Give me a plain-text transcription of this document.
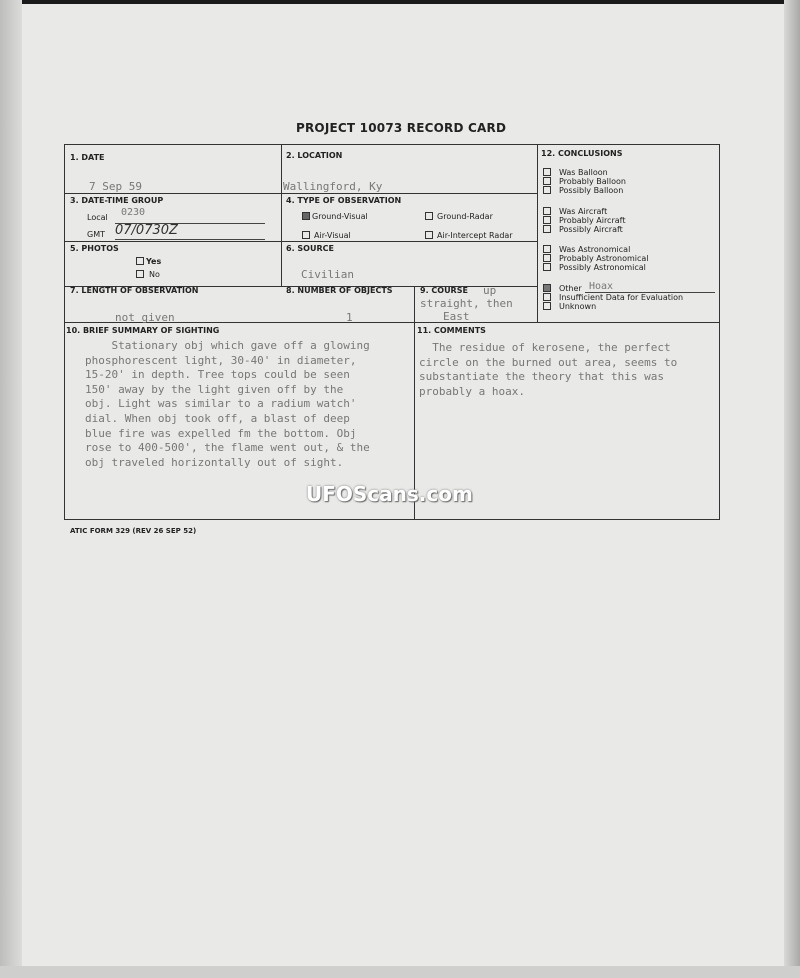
PROJECT 10073 RECORD CARD
1. DATE
7 Sep 59
2. LOCATION
Wallingford, Ky
3. DATE-TIME GROUP
Local 0230
GMT 07/0730Z
4. TYPE OF OBSERVATION
Ground-Visual	Ground-Radar
Air-Visual	Air-Intercept Radar
5. PHOTOS
Yes
No
6. SOURCE
Civilian
7. LENGTH OF OBSERVATION
not given
8. NUMBER OF OBJECTS
1
9. COURSE up
straight, then
East
12. CONCLUSIONS
Was Balloon
Probably Balloon
Possibly Balloon
Was Aircraft
Probably Aircraft
Possibly Aircraft
Was Astronomical
Probably Astronomical
Possibly Astronomical
Other Hoax
Insufficient Data for Evaluation
Unknown
10. BRIEF SUMMARY OF SIGHTING
Stationary obj which gave off a glowing
phosphorescent light, 30-40' in diameter,
15-20' in depth. Tree tops could be seen
150' away by the light given off by the
obj. Light was similar to a radium watch'
dial. When obj took off, a blast of deep
blue fire was expelled fm the bottom. Obj
rose to 400-500', the flame went out, & the
obj traveled horizontally out of sight.
11. COMMENTS
The residue of kerosene, the perfect
circle on the burned out area, seems to
substantiate the theory that this was
probably a hoax.
UFOScans.com
ATIC FORM 329 (REV 26 SEP 52)
